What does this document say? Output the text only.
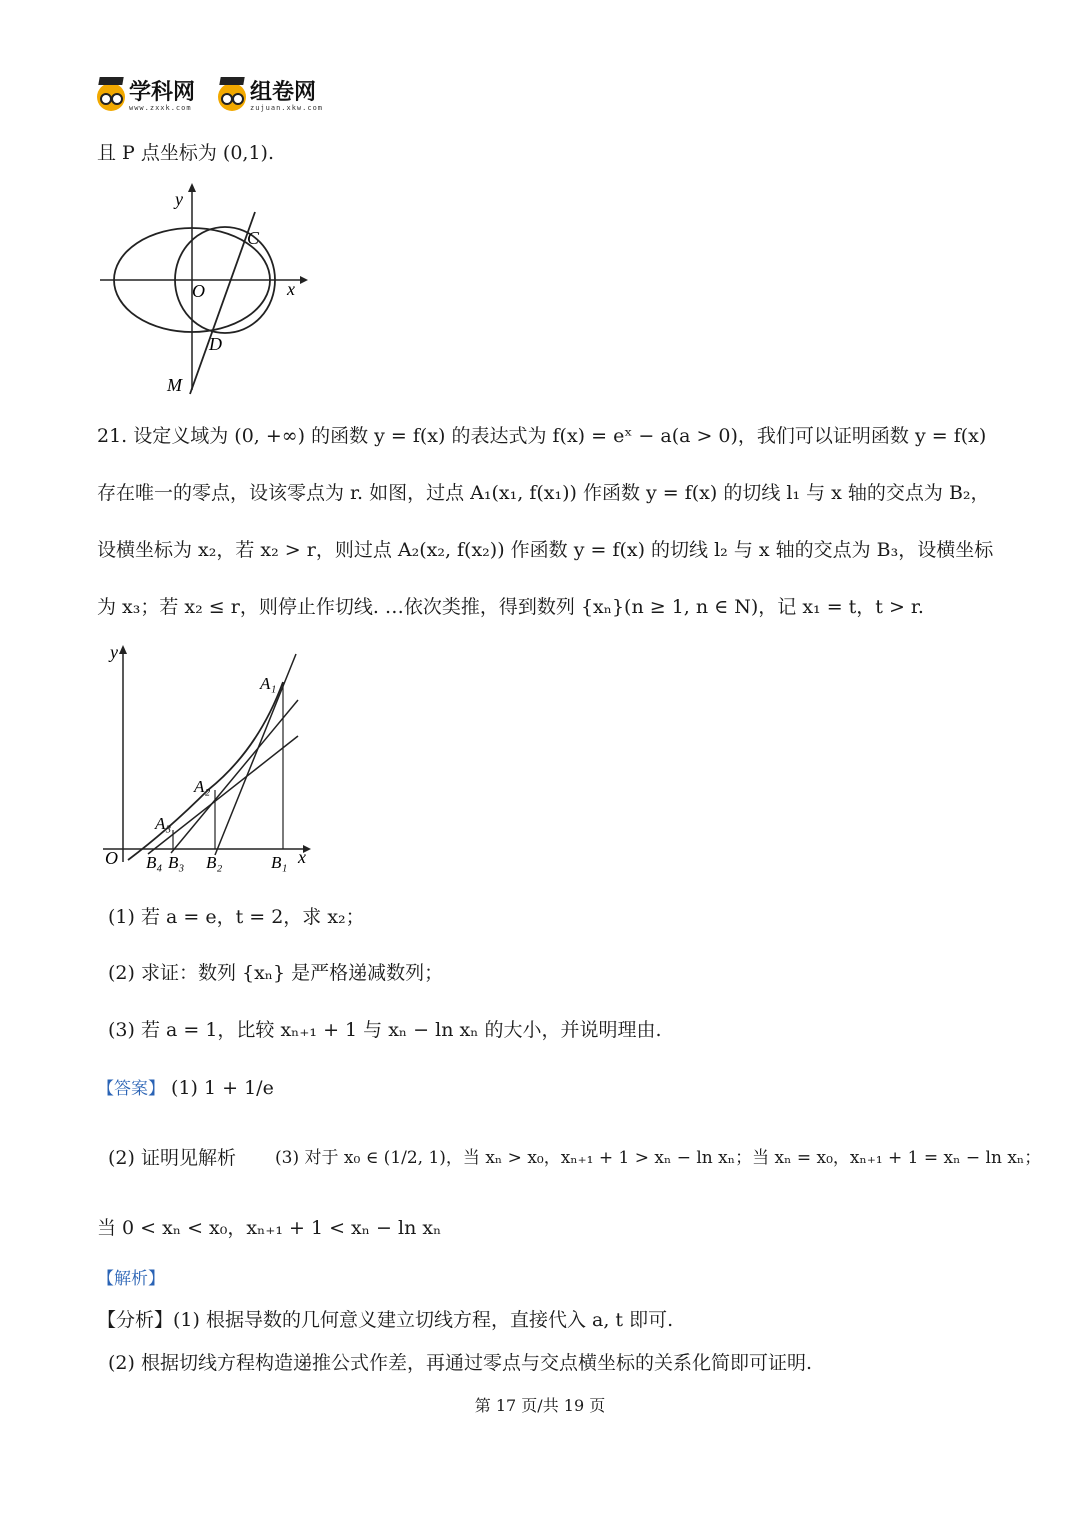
学科网
www.zxxk.com
组卷网
zujuan.xkw.com
且 P 点坐标为 (0,1).
y
x
O
C
D
M
21. 设定义域为 (0, +∞) 的函数 y = f(x) 的表达式为 f(x) = eˣ − a(a > 0)，我们可以证明函数 y = f(x)
存在唯一的零点，设该零点为 r. 如图，过点 A₁(x₁, f(x₁)) 作函数 y = f(x) 的切线 l₁ 与 x 轴的交点为 B₂，
设横坐标为 x₂，若 x₂ > r，则过点 A₂(x₂, f(x₂)) 作函数 y = f(x) 的切线 l₂ 与 x 轴的交点为 B₃，设横坐标
为 x₃；若 x₂ ≤ r，则停止作切线. …依次类推，得到数列 {xₙ}(n ≥ 1, n ∈ N)，记 x₁ = t，t > r.
y
x
O
A₁
A₂
A₃
B₁
B₂
B₃
B₄
(1) 若 a = e，t = 2，求 x₂；
(2) 求证：数列 {xₙ} 是严格递减数列；
(3) 若 a = 1，比较 xₙ₊₁ + 1 与 xₙ − ln xₙ 的大小，并说明理由.
【答案】 (1) 1 + 1/e
(2) 证明见解析 (3) 对于 x₀ ∈ (1/2, 1)，当 xₙ > x₀，xₙ₊₁ + 1 > xₙ − ln xₙ；当 xₙ = x₀，xₙ₊₁ + 1 = xₙ − ln xₙ；
当 0 < xₙ < x₀，xₙ₊₁ + 1 < xₙ − ln xₙ
【解析】
【分析】(1) 根据导数的几何意义建立切线方程，直接代入 a, t 即可.
(2) 根据切线方程构造递推公式作差，再通过零点与交点横坐标的关系化简即可证明.
第 17 页/共 19 页
